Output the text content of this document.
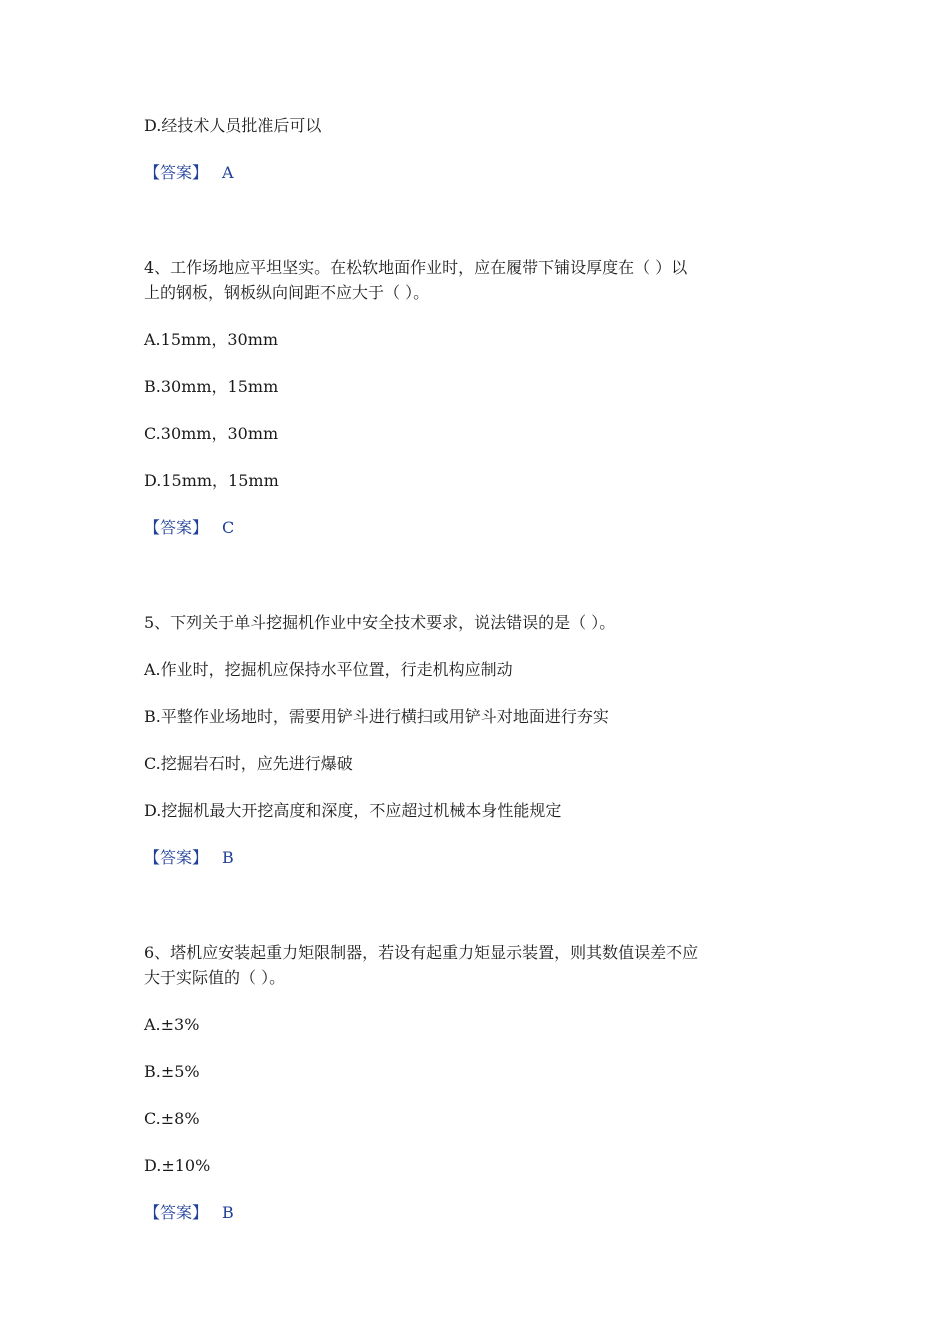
D.经技术人员批准后可以
【答案】 A
4、工作场地应平坦坚实。在松软地面作业时，应在履带下铺设厚度在（ ）以
上的钢板，钢板纵向间距不应大于（ ）。
A.15mm，30mm
B.30mm，15mm
C.30mm，30mm
D.15mm，15mm
【答案】 C
5、下列关于单斗挖掘机作业中安全技术要求，说法错误的是（ ）。
A.作业时，挖掘机应保持水平位置，行走机构应制动
B.平整作业场地时，需要用铲斗进行横扫或用铲斗对地面进行夯实
C.挖掘岩石时，应先进行爆破
D.挖掘机最大开挖高度和深度，不应超过机械本身性能规定
【答案】 B
6、塔机应安装起重力矩限制器，若设有起重力矩显示装置，则其数值误差不应
大于实际值的（ ）。
A.±3%
B.±5%
C.±8%
D.±10%
【答案】 B
